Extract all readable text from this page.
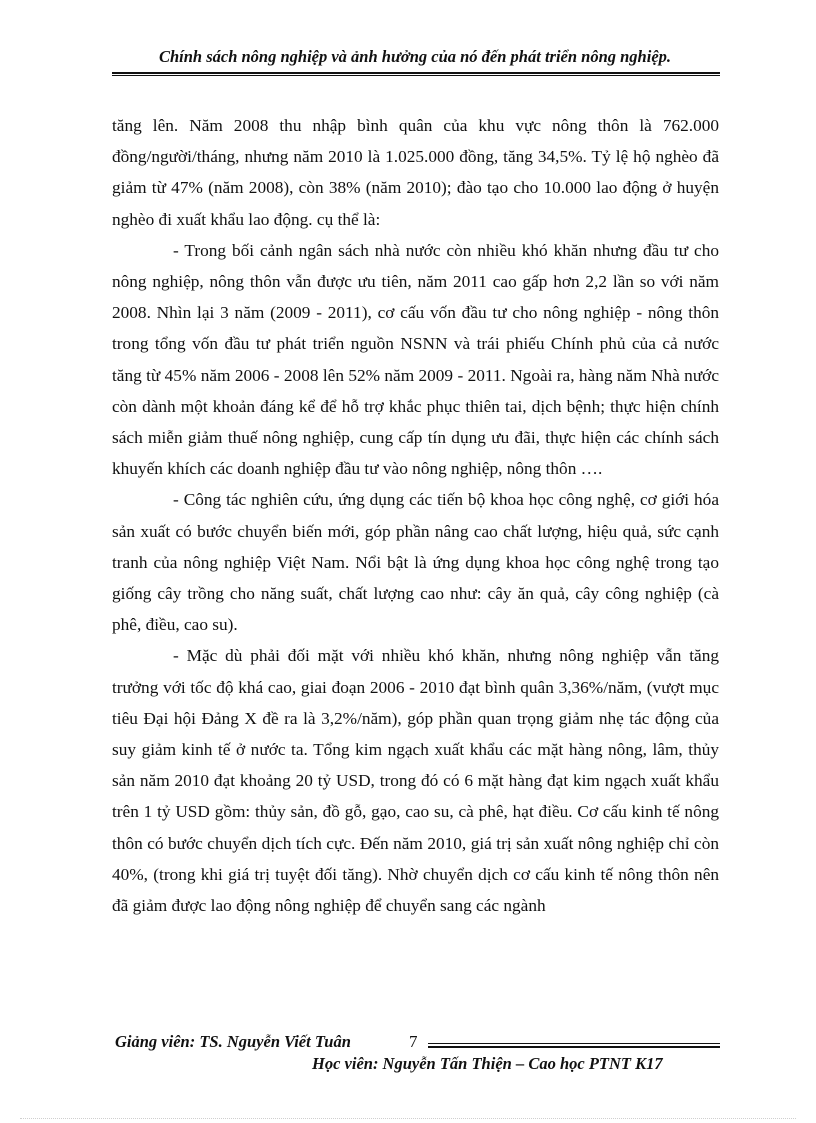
Chính sách nông nghiệp và ảnh hưởng của nó đến phát triển nông nghiệp.

tăng lên. Năm 2008 thu nhập bình quân của khu vực nông thôn là 762.000 đồng/người/tháng, nhưng năm 2010 là 1.025.000 đồng, tăng 34,5%. Tỷ lệ hộ nghèo đã giảm từ 47% (năm 2008), còn 38% (năm 2010); đào tạo cho 10.000 lao động ở huyện nghèo đi xuất khẩu lao động. cụ thể là:

- Trong bối cảnh ngân sách nhà nước còn nhiều khó khăn nhưng đầu tư cho nông nghiệp, nông thôn vẫn được ưu tiên, năm 2011 cao gấp hơn 2,2 lần so với năm 2008. Nhìn lại 3 năm (2009 - 2011), cơ cấu vốn đầu tư cho nông nghiệp - nông thôn trong tổng vốn đầu tư phát triển nguồn NSNN và trái phiếu Chính phủ của cả nước tăng từ 45% năm 2006 - 2008 lên 52% năm 2009 - 2011. Ngoài ra, hàng năm Nhà nước còn dành một khoản đáng kể để hỗ trợ khắc phục thiên tai, dịch bệnh; thực hiện chính sách miễn giảm thuế nông nghiệp, cung cấp tín dụng ưu đãi, thực hiện các chính sách khuyến khích các doanh nghiệp đầu tư vào nông nghiệp, nông thôn ….

- Công tác nghiên cứu, ứng dụng các tiến bộ khoa học công nghệ, cơ giới hóa sản xuất có bước chuyển biến mới, góp phần nâng cao chất lượng, hiệu quả, sức cạnh tranh của nông nghiệp Việt Nam. Nổi bật là ứng dụng khoa học công nghệ trong tạo giống cây trồng cho năng suất, chất lượng cao như: cây ăn quả, cây công nghiệp (cà phê, điều, cao su).

- Mặc dù phải đối mặt với nhiều khó khăn, nhưng nông nghiệp vẫn tăng trưởng với tốc độ khá cao, giai đoạn 2006 - 2010 đạt bình quân 3,36%/năm, (vượt mục tiêu Đại hội Đảng X đề ra là 3,2%/năm), góp phần quan trọng giảm nhẹ tác động của suy giảm kinh tế ở nước ta. Tổng kim ngạch xuất khẩu các mặt hàng nông, lâm, thủy sản năm 2010 đạt khoảng 20 tỷ USD, trong đó có 6 mặt hàng đạt kim ngạch xuất khẩu trên 1 tỷ USD gồm: thủy sản, đồ gỗ, gạo, cao su, cà phê, hạt điều. Cơ cấu kinh tế nông thôn có bước chuyển dịch tích cực. Đến năm 2010, giá trị sản xuất nông nghiệp chỉ còn 40%, (trong khi giá trị tuyệt đối tăng). Nhờ chuyển dịch cơ cấu kinh tế nông thôn nên đã giảm được lao động nông nghiệp để chuyển sang các ngành

Giảng viên: TS. Nguyễn Viết Tuân	7
Học viên: Nguyễn Tấn Thiện – Cao học PTNT K17
